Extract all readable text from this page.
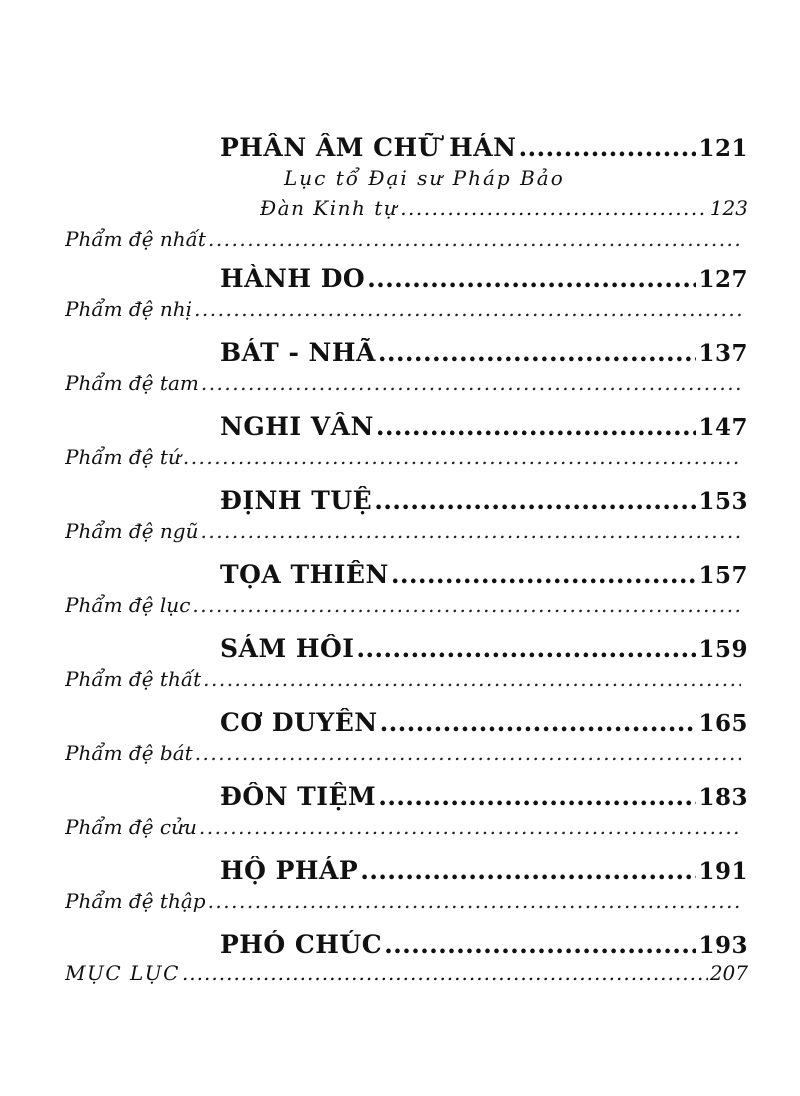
PHẦN ÂM CHỮ HÁN .....	121
Lục tổ Đại sư Pháp Bảo
Đàn Kinh tự .....	123
Phẩm đệ nhất
.....
HÀNH DO .....	127
Phẩm đệ nhị
.....
BÁT - NHÃ .....	137
Phẩm đệ tam
.....
NGHI VẤN .....	147
Phẩm đệ tứ
.....
ĐỊNH TUỆ .....	153
Phẩm đệ ngũ
.....
TỌA THIỀN .....	157
Phẩm đệ lục
.....
SÁM HỐI .....	159
Phẩm đệ thất
.....
CƠ DUYÊN .....	165
Phẩm đệ bát
.....
ĐỐN TIỆM .....	183
Phẩm đệ cửu
.....
HỘ PHÁP .....	191
Phẩm đệ thập
.....
PHÓ CHÚC .....	193
MỤC LỤC .....	207
